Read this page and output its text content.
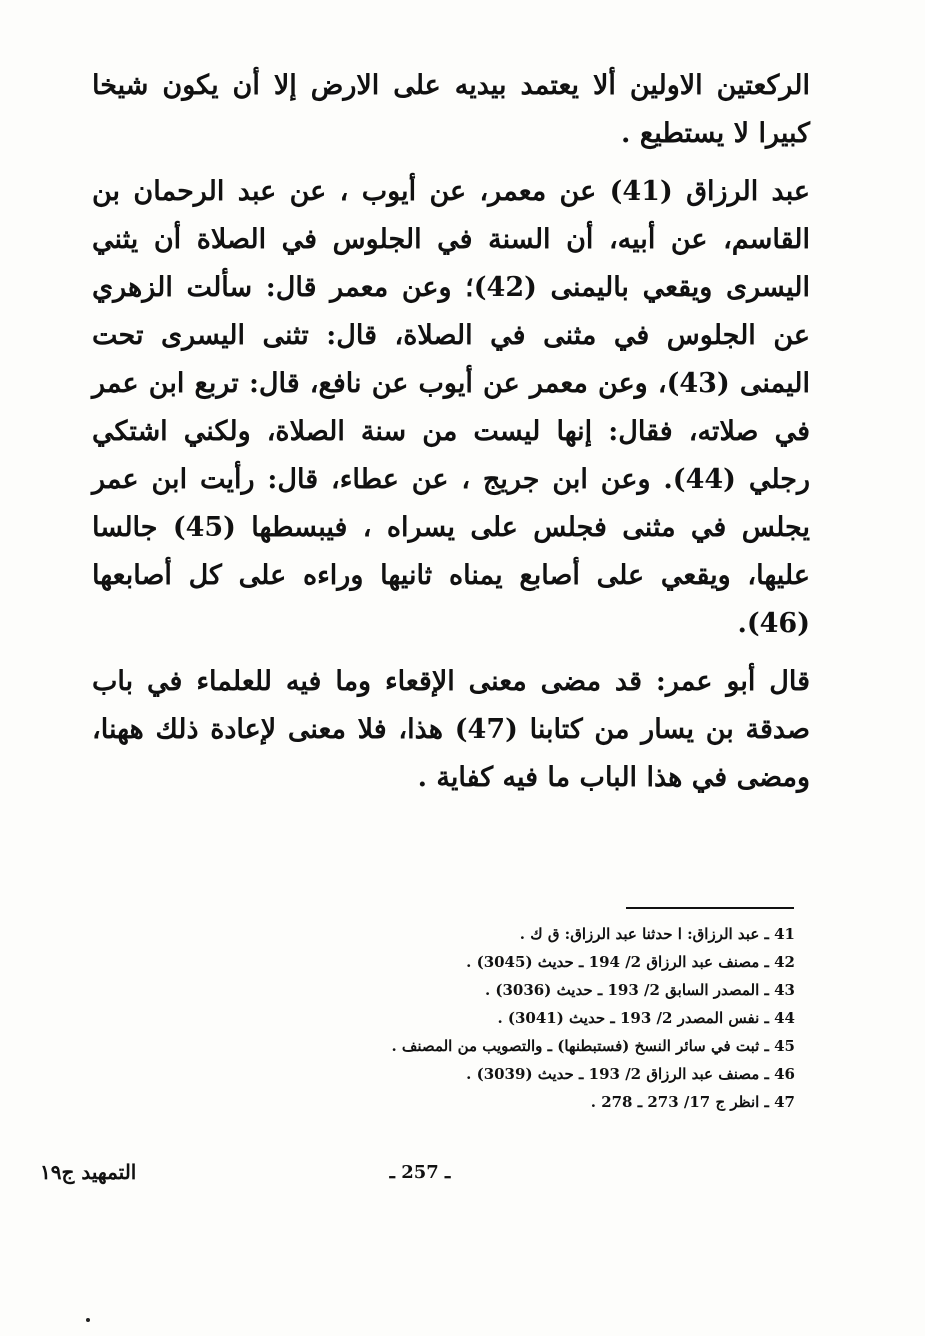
الركعتين الاولين ألا يعتمد بيديه على الارض إلا أن يكون شيخا كبيرا لا يستطيع .

عبد الرزاق (41) عن معمر، عن أيوب ، عن عبد الرحمان بن القاسم، عن أبيه، أن السنة في الجلوس في الصلاة أن يثني اليسرى ويقعي باليمنى (42)؛ وعن معمر قال: سألت الزهري عن الجلوس في مثنى في الصلاة، قال: تثنى اليسرى تحت اليمنى (43)، وعن معمر عن أيوب عن نافع، قال: تربع ابن عمر في صلاته، فقال: إنها ليست من سنة الصلاة، ولكني اشتكي رجلي (44). وعن ابن جريج ، عن عطاء، قال: رأيت ابن عمر يجلس في مثنى فجلس على يسراه ، فيبسطها (45) جالسا عليها، ويقعي على أصابع يمناه ثانيها وراءه على كل أصابعها (46).

قال أبو عمر: قد مضى معنى الإقعاء وما فيه للعلماء في باب صدقة بن يسار من كتابنا (47) هذا، فلا معنى لإعادة ذلك ههنا، ومضى في هذا الباب ما فيه كفاية .

41 ـ عبد الرزاق: ا حدثنا عبد الرزاق: ق ك .
42 ـ مصنف عبد الرزاق 2/ 194 ـ حديث (3045) .
43 ـ المصدر السابق 2/ 193 ـ حديث (3036) .
44 ـ نفس المصدر 2/ 193 ـ حديث (3041) .
45 ـ ثبت في سائر النسخ (فستبطنها) ـ والتصويب من المصنف .
46 ـ مصنف عبد الرزاق 2/ 193 ـ حديث (3039) .
47 ـ انظر ج 17/ 273 ـ 278 .
التمهيد ج١٩	ـ 257 ـ
